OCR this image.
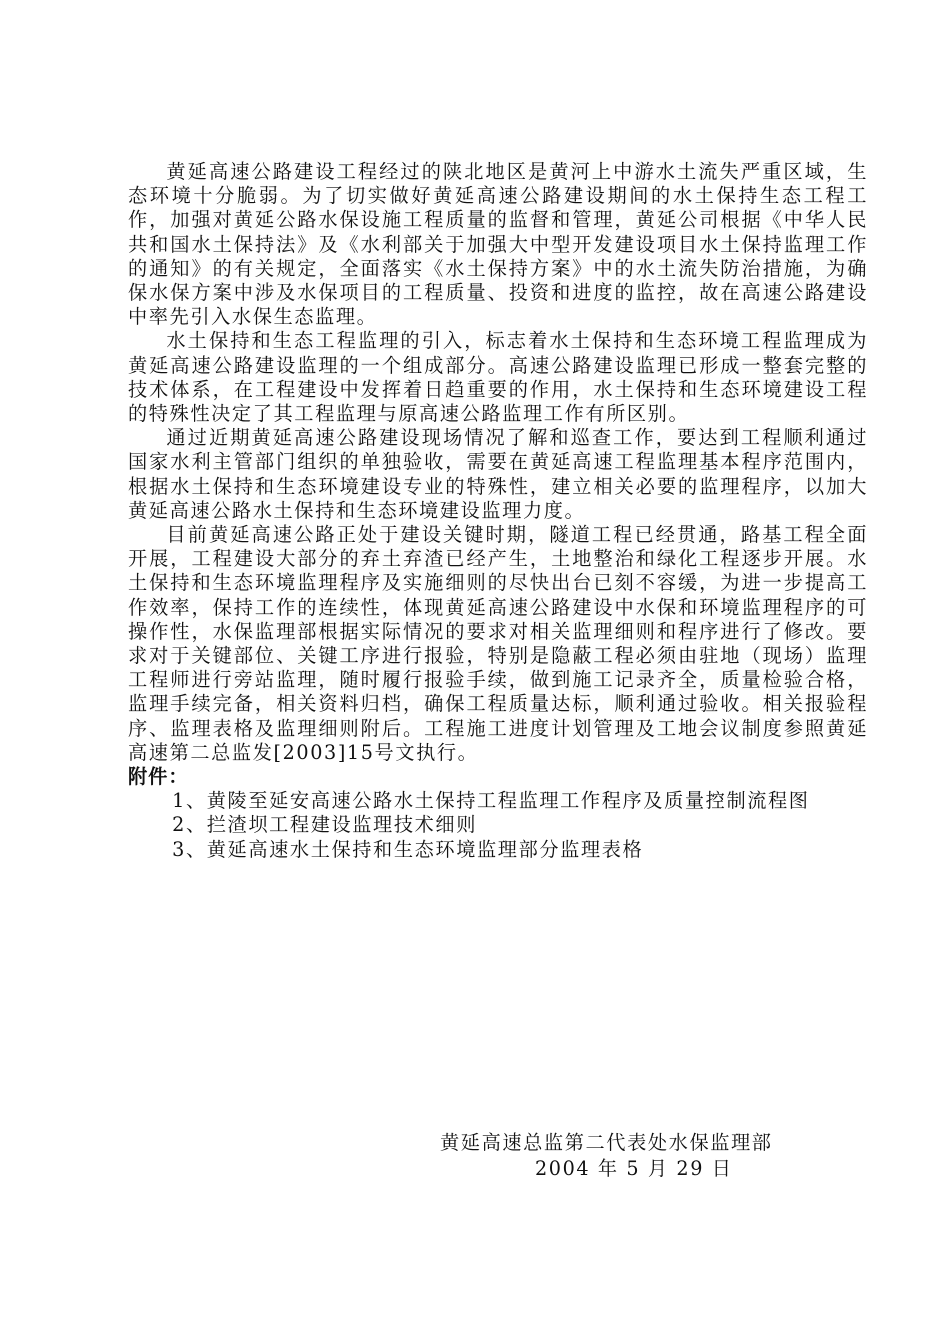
黄延高速公路建设工程经过的陕北地区是黄河上中游水土流失严重区域，生态环境十分脆弱。为了切实做好黄延高速公路建设期间的水土保持生态工程工作，加强对黄延公路水保设施工程质量的监督和管理，黄延公司根据《中华人民共和国水土保持法》及《水利部关于加强大中型开发建设项目水土保持监理工作的通知》的有关规定，全面落实《水土保持方案》中的水土流失防治措施，为确保水保方案中涉及水保项目的工程质量、投资和进度的监控，故在高速公路建设中率先引入水保生态监理。

水土保持和生态工程监理的引入，标志着水土保持和生态环境工程监理成为黄延高速公路建设监理的一个组成部分。高速公路建设监理已形成一整套完整的技术体系，在工程建设中发挥着日趋重要的作用，水土保持和生态环境建设工程的特殊性决定了其工程监理与原高速公路监理工作有所区别。

通过近期黄延高速公路建设现场情况了解和巡查工作，要达到工程顺利通过国家水利主管部门组织的单独验收，需要在黄延高速工程监理基本程序范围内，根据水土保持和生态环境建设专业的特殊性，建立相关必要的监理程序，以加大黄延高速公路水土保持和生态环境建设监理力度。

目前黄延高速公路正处于建设关键时期，隧道工程已经贯通，路基工程全面开展，工程建设大部分的弃土弃渣已经产生，土地整治和绿化工程逐步开展。水土保持和生态环境监理程序及实施细则的尽快出台已刻不容缓，为进一步提高工作效率，保持工作的连续性，体现黄延高速公路建设中水保和环境监理程序的可操作性，水保监理部根据实际情况的要求对相关监理细则和程序进行了修改。要求对于关键部位、关键工序进行报验，特别是隐蔽工程必须由驻地（现场）监理工程师进行旁站监理，随时履行报验手续，做到施工记录齐全，质量检验合格，监理手续完备，相关资料归档，确保工程质量达标，顺利通过验收。相关报验程序、监理表格及监理细则附后。工程施工进度计划管理及工地会议制度参照黄延高速第二总监发[2003]15号文执行。

附件：

1、黄陵至延安高速公路水土保持工程监理工作程序及质量控制流程图
2、拦渣坝工程建设监理技术细则
3、黄延高速水土保持和生态环境监理部分监理表格

黄延高速总监第二代表处水保监理部

2004 年 5 月 29 日
